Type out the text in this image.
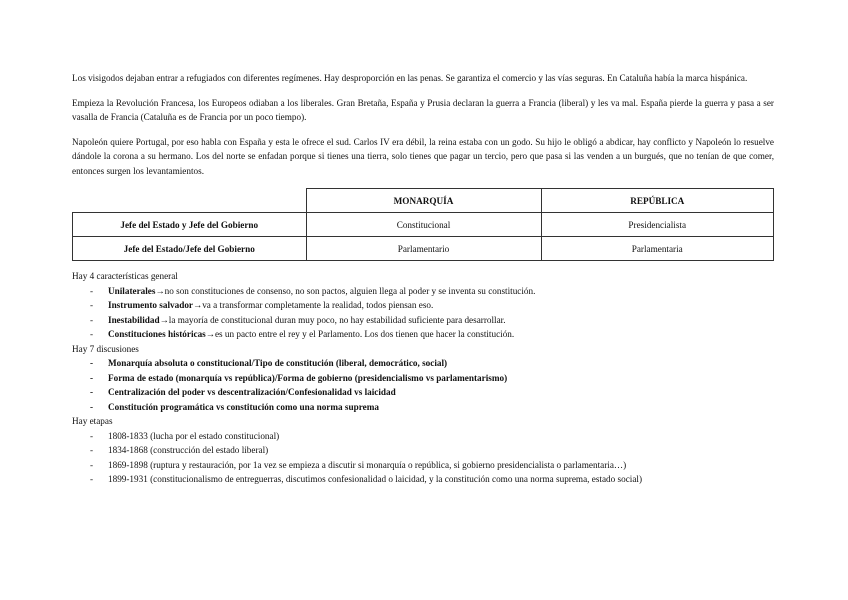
Los visigodos dejaban entrar a refugiados con diferentes regímenes. Hay desproporción en las penas. Se garantiza el comercio y las vías seguras. En Cataluña había la marca hispánica.

Empieza la Revolución Francesa, los Europeos odiaban a los liberales. Gran Bretaña, España y Prusia declaran la guerra a Francia (liberal) y les va mal. España pierde la guerra y pasa a ser vasalla de Francia (Cataluña es de Francia por un poco tiempo).

Napoleón quiere Portugal, por eso habla con España y esta le ofrece el sud. Carlos IV era débil, la reina estaba con un godo. Su hijo le obligó a abdicar, hay conflicto y Napoleón lo resuelve dándole la corona a su hermano. Los del norte se enfadan porque si tienes una tierra, solo tienes que pagar un tercio, pero que pasa si las venden a un burgués, que no tenían de que comer, entonces surgen los levantamientos.

	MONARQUÍA	REPÚBLICA
Jefe del Estado y Jefe del Gobierno	Constitucional	Presidencialista
Jefe del Estado/Jefe del Gobierno	Parlamentario	Parlamentaria

Hay 4 características general

- Unilaterales→no son constituciones de consenso, no son pactos, alguien llega al poder y se inventa su constitución.
- Instrumento salvador→va a transformar completamente la realidad, todos piensan eso.
- Inestabilidad→la mayoría de constitucional duran muy poco, no hay estabilidad suficiente para desarrollar.
- Constituciones históricas→es un pacto entre el rey y el Parlamento. Los dos tienen que hacer la constitución.

Hay 7 discusiones

- Monarquía absoluta o constitucional/Tipo de constitución (liberal, democrático, social)
- Forma de estado (monarquía vs república)/Forma de gobierno (presidencialismo vs parlamentarismo)
- Centralización del poder vs descentralización/Confesionalidad vs laicidad
- Constitución programática vs constitución como una norma suprema

Hay etapas

- 1808-1833 (lucha por el estado constitucional)
- 1834-1868 (construcción del estado liberal)
- 1869-1898 (ruptura y restauración, por 1a vez se empieza a discutir si monarquía o república, si gobierno presidencialista o parlamentaria…)
- 1899-1931 (constitucionalismo de entreguerras, discutimos confesionalidad o laicidad, y la constitución como una norma suprema, estado social)
